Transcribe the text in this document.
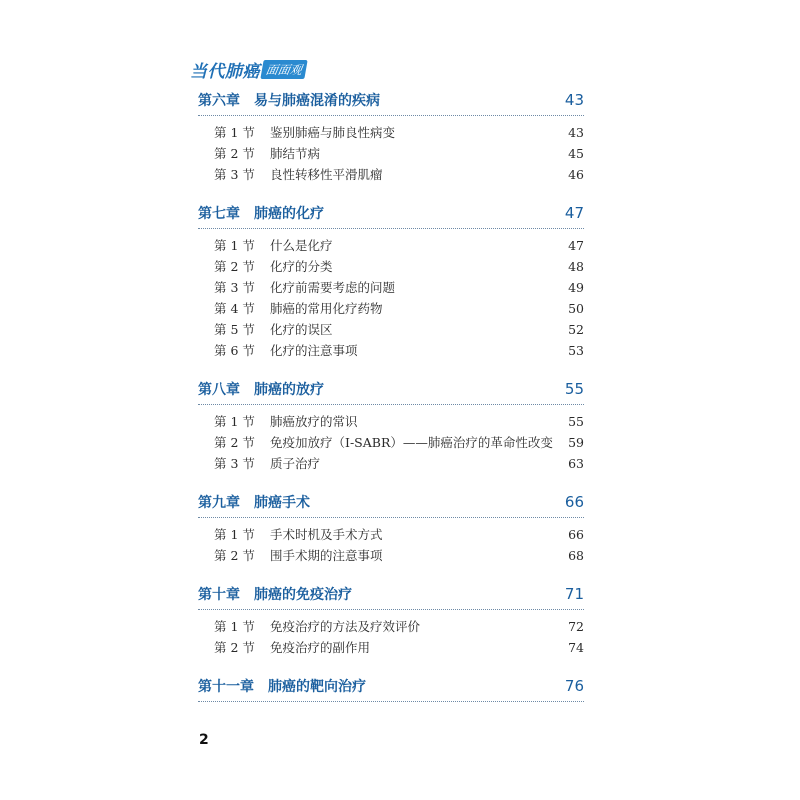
当代肺癌 面面观
第六章 易与肺癌混淆的疾病	43
第 1 节	鉴别肺癌与肺良性病变	43
第 2 节	肺结节病	45
第 3 节	良性转移性平滑肌瘤	46
第七章 肺癌的化疗	47
第 1 节	什么是化疗	47
第 2 节	化疗的分类	48
第 3 节	化疗前需要考虑的问题	49
第 4 节	肺癌的常用化疗药物	50
第 5 节	化疗的误区	52
第 6 节	化疗的注意事项	53
第八章 肺癌的放疗	55
第 1 节	肺癌放疗的常识	55
第 2 节	免疫加放疗（I-SABR）——肺癌治疗的革命性改变	59
第 3 节	质子治疗	63
第九章 肺癌手术	66
第 1 节	手术时机及手术方式	66
第 2 节	围手术期的注意事项	68
第十章 肺癌的免疫治疗	71
第 1 节	免疫治疗的方法及疗效评价	72
第 2 节	免疫治疗的副作用	74
第十一章 肺癌的靶向治疗	76
2
